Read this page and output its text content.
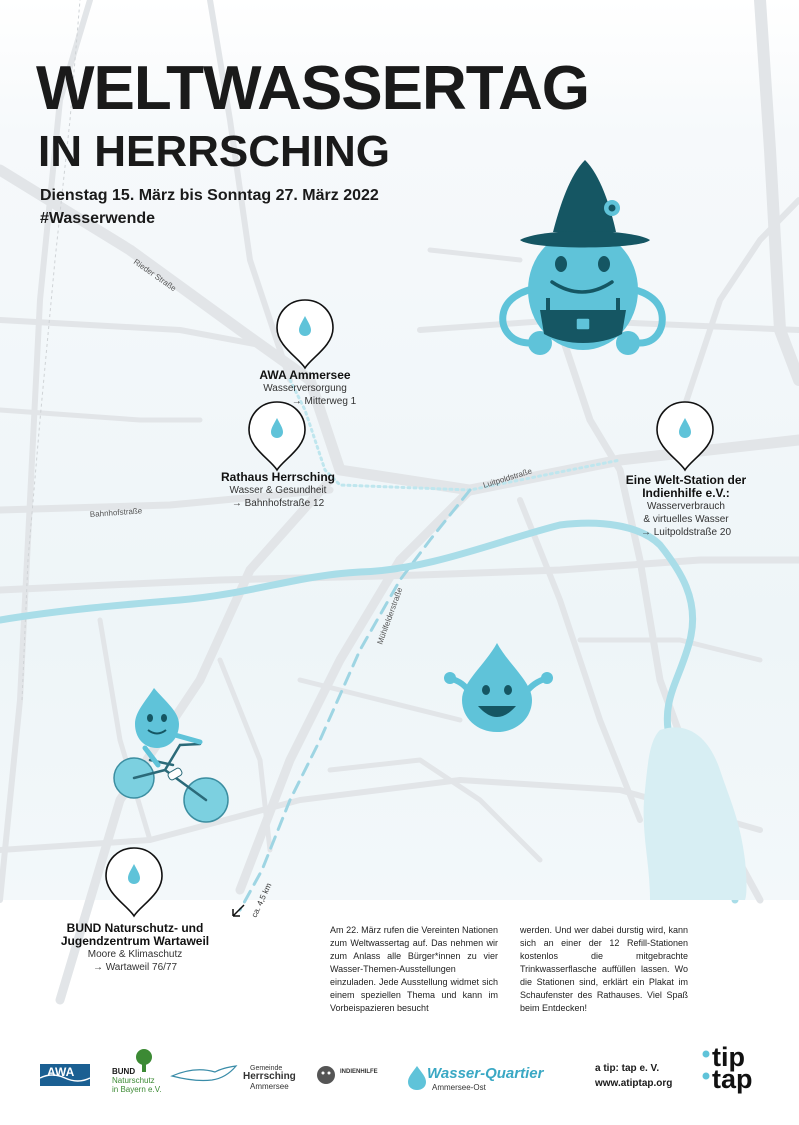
Rieder Straße
Bahnhofstraße
Luitpoldstraße
Mühlfelderstraße
ca. 4,5 km
WELTWASSERTAG
IN HERRSCHING
Dienstag 15. März bis Sonntag 27. März 2022
#Wasserwende
AWA Ammersee
Wasserversorgung
→ Mitterweg 1
Rathaus Herrsching
Wasser & Gesundheit
→ Bahnhofstraße 12
Eine Welt-Station der
Indienhilfe e.V.:
Wasserverbrauch
& virtuelles Wasser
→ Luitpoldstraße 20
BUND Naturschutz- und
Jugendzentrum Wartaweil
Moore & Klimaschutz
→ Wartaweil 76/77
Am 22. März rufen die Vereinten Nationen zum Weltwassertag auf. Das nehmen wir zum Anlass alle Bürger*innen zu vier Wasser-Themen-Ausstellungen einzuladen. Jede Ausstellung widmet sich einem speziellen Thema und kann im Vorbeispazieren besucht
werden. Und wer dabei durstig wird, kann sich an einer der 12 Refill-Stationen kostenlos die mitgebrachte Trinkwasserflasche auffüllen lassen. Wo die Stationen sind, erklärt ein Plakat im Schaufenster des Rathauses. Viel Spaß beim Entdecken!
AWA	BUND
Naturschutz
in Bayern e.V.
Gemeinde
Herrsching
Ammersee
INDIENHILFE	Wasser-Quartier
Ammersee-Ost
a tip: tap e. V.
www.atiptap.org
tip
tap
